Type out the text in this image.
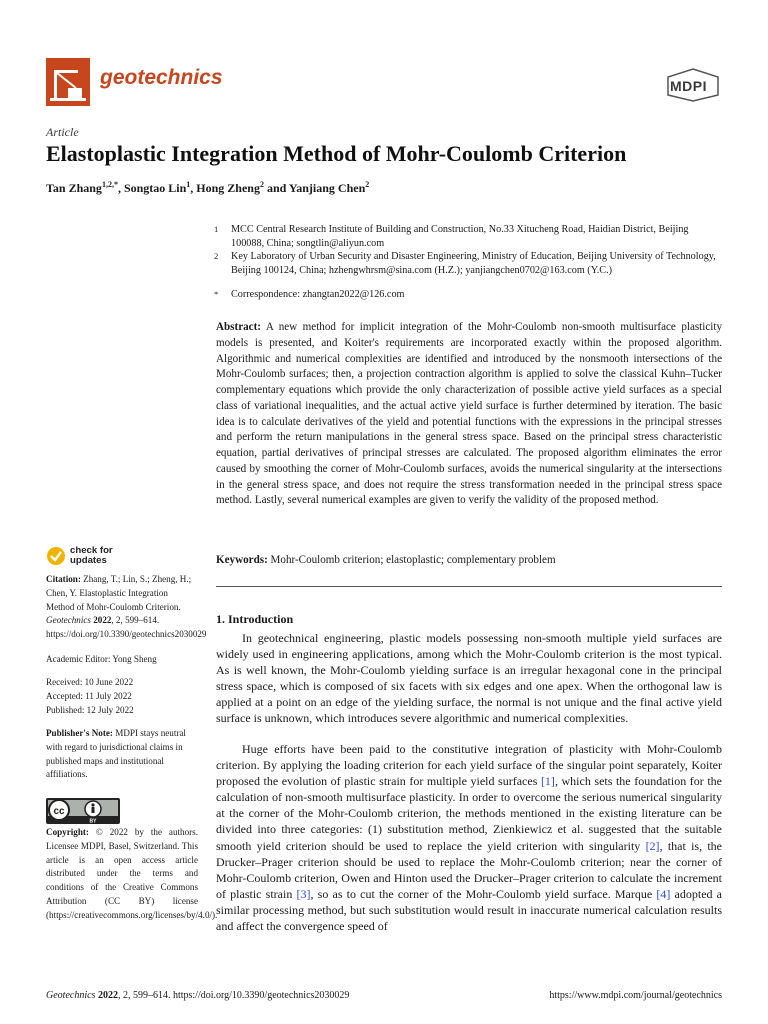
geotechnics	MDPI
Article
Elastoplastic Integration Method of Mohr-Coulomb Criterion
Tan Zhang$^{1,2,*}$, Songtao Lin$^1$, Hong Zheng$^2$ and Yanjiang Chen$^2$
1 MCC Central Research Institute of Building and Construction, No.33 Xitucheng Road, Haidian District, Beijing 100088, China; songtlin@aliyun.com
2 Key Laboratory of Urban Security and Disaster Engineering, Ministry of Education, Beijing University of Technology, Beijing 100124, China; hzhengwhrsm@sina.com (H.Z.); yanjiangchen0702@163.com (Y.C.)
* Correspondence: zhangtan2022@126.com
Abstract: A new method for implicit integration of the Mohr-Coulomb non-smooth multisurface plasticity models is presented, and Koiter's requirements are incorporated exactly within the proposed algorithm. Algorithmic and numerical complexities are identified and introduced by the nonsmooth intersections of the Mohr-Coulomb surfaces; then, a projection contraction algorithm is applied to solve the classical Kuhn–Tucker complementary equations which provide the only characterization of possible active yield surfaces as a special class of variational inequalities, and the actual active yield surface is further determined by iteration. The basic idea is to calculate derivatives of the yield and potential functions with the expressions in the principal stresses and perform the return manipulations in the general stress space. Based on the principal stress characteristic equation, partial derivatives of principal stresses are calculated. The proposed algorithm eliminates the error caused by smoothing the corner of Mohr-Coulomb surfaces, avoids the numerical singularity at the intersections in the general stress space, and does not require the stress transformation needed in the principal stress space method. Lastly, several numerical examples are given to verify the validity of the proposed method.
Keywords: Mohr-Coulomb criterion; elastoplastic; complementary problem
check for
updates
Citation: Zhang, T.; Lin, S.; Zheng, H.; Chen, Y. Elastoplastic Integration Method of Mohr-Coulomb Criterion. Geotechnics 2022, 2, 599–614. https://doi.org/10.3390/geotechnics2030029
Academic Editor: Yong Sheng
Received: 10 June 2022
Accepted: 11 July 2022
Published: 12 July 2022
Publisher's Note: MDPI stays neutral with regard to jurisdictional claims in published maps and institutional affiliations.
cc
BY
Copyright: © 2022 by the authors. Licensee MDPI, Basel, Switzerland. This article is an open access article distributed under the terms and conditions of the Creative Commons Attribution (CC BY) license (https://creativecommons.org/licenses/by/4.0/).
1. Introduction
In geotechnical engineering, plastic models possessing non-smooth multiple yield surfaces are widely used in engineering applications, among which the Mohr-Coulomb criterion is the most typical. As is well known, the Mohr-Coulomb yielding surface is an irregular hexagonal cone in the principal stress space, which is composed of six facets with six edges and one apex. When the orthogonal law is applied at a point on an edge of the yielding surface, the normal is not unique and the final active yield surface is unknown, which introduces severe algorithmic and numerical complexities.
Huge efforts have been paid to the constitutive integration of plasticity with Mohr-Coulomb criterion. By applying the loading criterion for each yield surface of the singular point separately, Koiter proposed the evolution of plastic strain for multiple yield surfaces [1], which sets the foundation for the calculation of non-smooth multisurface plasticity. In order to overcome the serious numerical singularity at the corner of the Mohr-Coulomb criterion, the methods mentioned in the existing literature can be divided into three categories: (1) substitution method, Zienkiewicz et al. suggested that the suitable smooth yield criterion should be used to replace the yield criterion with singularity [2], that is, the Drucker–Prager criterion should be used to replace the Mohr-Coulomb criterion; near the corner of Mohr-Coulomb criterion, Owen and Hinton used the Drucker–Prager criterion to calculate the increment of plastic strain [3], so as to cut the corner of the Mohr-Coulomb yield surface. Marque [4] adopted a similar processing method, but such substitution would result in inaccurate numerical calculation results and affect the convergence speed of
Geotechnics 2022, 2, 599–614. https://doi.org/10.3390/geotechnics2030029	https://www.mdpi.com/journal/geotechnics
